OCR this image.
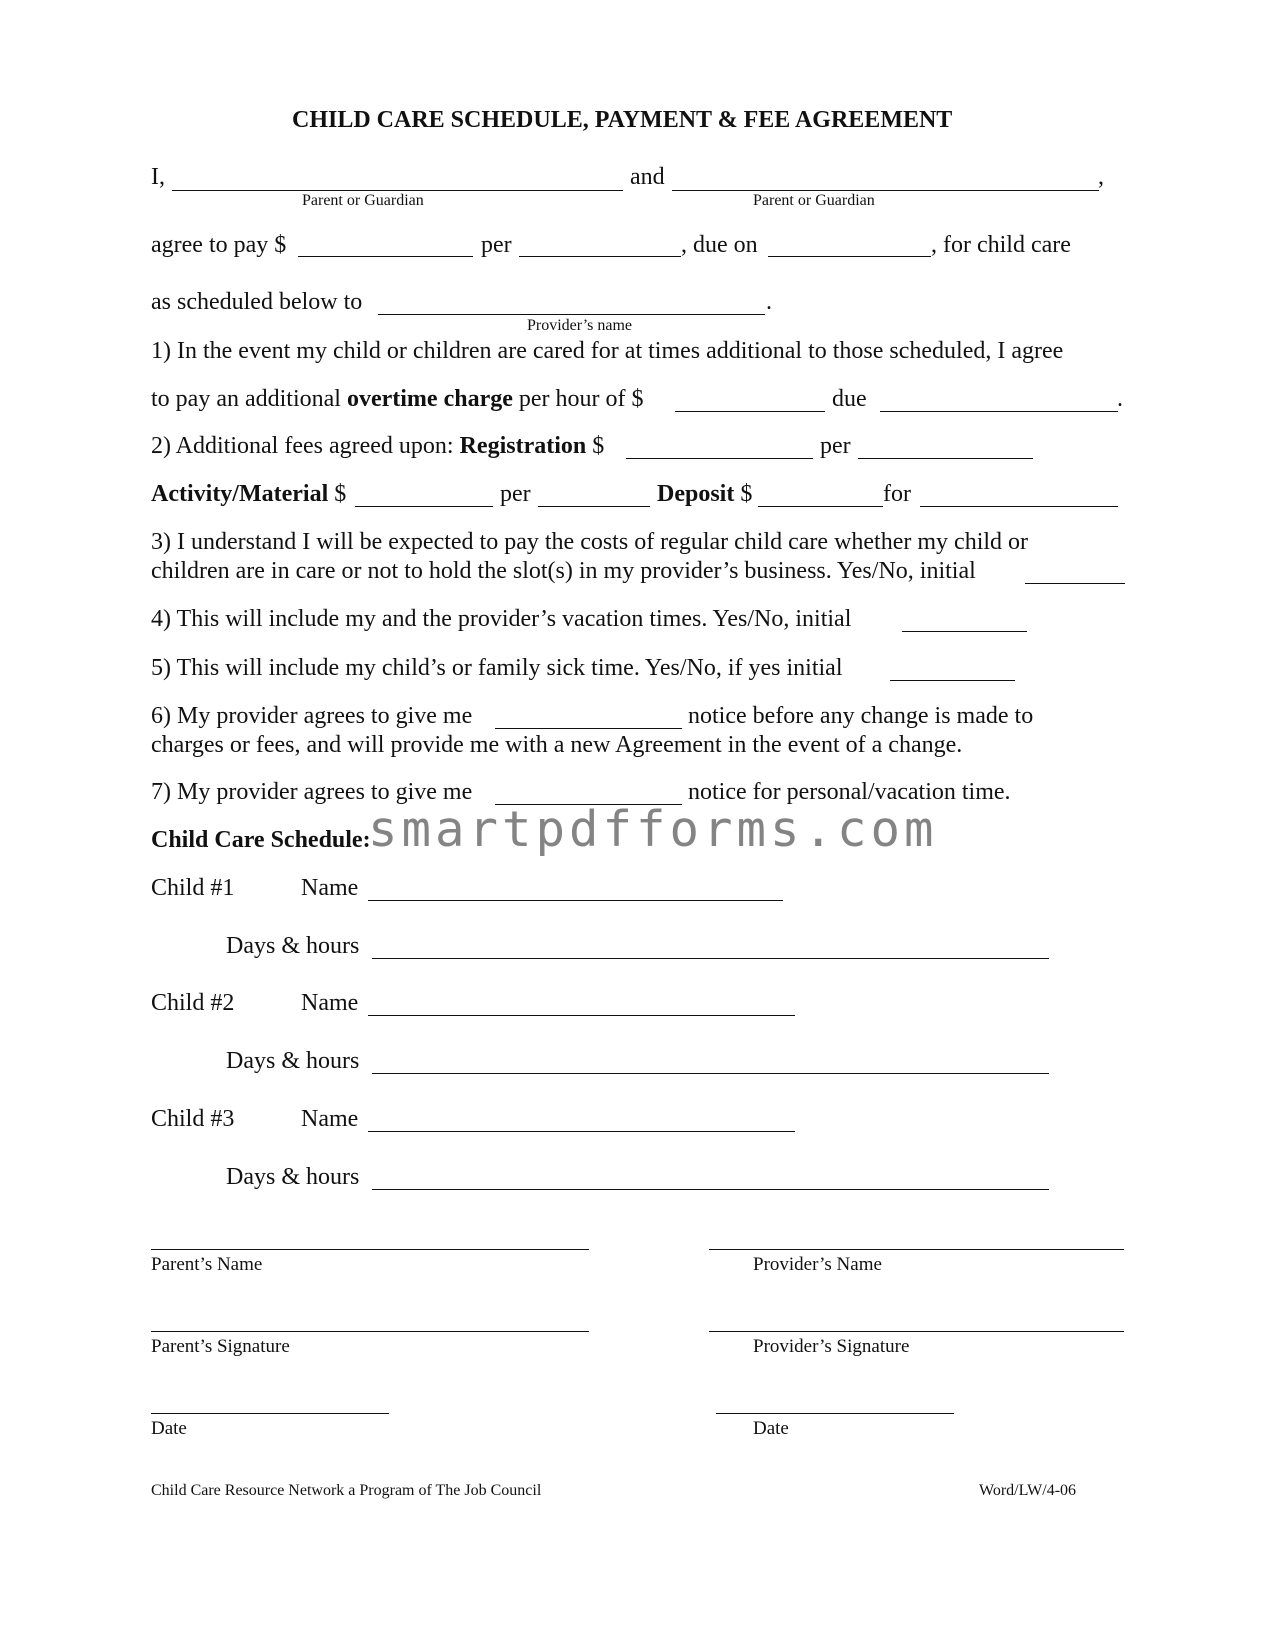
CHILD CARE SCHEDULE, PAYMENT & FEE AGREEMENT
I,	and	,
Parent or Guardian	Parent or Guardian
agree to pay $	per	, due on	, for child care
as scheduled below to	.
Provider’s name
1) In the event my child or children are cared for at times additional to those scheduled, I agree
to pay an additional overtime charge per hour of $	due	.
2) Additional fees agreed upon: Registration $	per
Activity/Material $	per	Deposit $	for
3) I understand I will be expected to pay the costs of regular child care whether my child or
children are in care or not to hold the slot(s) in my provider’s business. Yes/No, initial
4) This will include my and the provider’s vacation times. Yes/No, initial
5) This will include my child’s or family sick time. Yes/No, if yes initial
6) My provider agrees to give me	notice before any change is made to
charges or fees, and will provide me with a new Agreement in the event of a change.
7) My provider agrees to give me	notice for personal/vacation time.
Child Care Schedule:
Child #1	Name
Days & hours
Child #2	Name
Days & hours
Child #3	Name
Days & hours
Parent’s Name	Provider’s Name
Parent’s Signature	Provider’s Signature
Date	Date
Child Care Resource Network a Program of The Job Council	Word/LW/4-06
smartpdfforms.com
